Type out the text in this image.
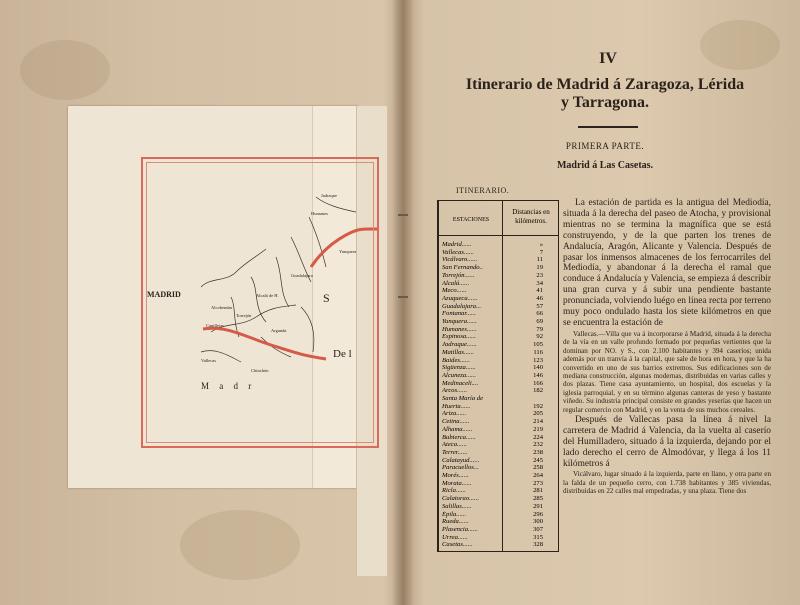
Alcobendas
Canillejas
Torrejón
Alcalá de H.
Arganda
Guadalajara
Humanes
Jadraque
Yunquera
Vallecas
Chinchón
MADRID	S
De l
M a d r
IV
Itinerario de Madrid á Zaragoza, Lérida
y Tarragona.
PRIMERA PARTE.
Madrid á Las Casetas.
ITINERARIO.
ESTACIONES
Distancias en kilómetros.
Madrid......	»
Vallecas......	7
Vicálvaro......	11
San Fernando..	19
Torrejón......	23
Alcalá......	34
Meco......	41
Azuqueca......	46
Guadalajara...	57
Fontanar......	66
Yunquera......	69
Humanes......	79
Espinosa......	92
Jadraque......	105
Matillas......	116
Baides......	123
Sigüenza......	140
Alcuneza......	146
Medinaceli....	166
Arcos......	182
Santa María de
Huerta......	192
Ariza......	205
Cetina......	214
Alhama......	219
Bubierca......	224
Ateca......	232
Terrer......	238
Calatayud......	245
Paracuellos...	258
Morés......	264
Morata......	273
Ricla......	281
Calatorao......	285
Salillas......	291
Épila......	296
Rueda......	300
Plasencia......	307
Urrea......	315
Casetas......	328

La estación de partida es la antigua del Mediodía, situada á la derecha del paseo de Atocha, y provisional mientras no se termina la magnífica que se está construyendo, y de la que parten los trenes de Andalucía, Aragón, Alicante y Valencia. Después de pasar los inmensos almacenes de los ferrocarriles del Mediodía, y abandonar á la derecha el ramal que conduce á Andalucía y Valencia, se empieza á describir una gran curva y á subir una pendiente bastante pronunciada, volviendo luégo en línea recta por terreno muy poco ondulado hasta los siete kilómetros en que se encuentra la estación de

Vallecas.—Villa que va á incorporarse á Madrid, situada á la derecha de la vía en un valle profundo formado por pequeñas vertientes que la dominan por NO. y S., con 2.100 habitantes y 394 caseríos; unida además por un tranvía á la capital, que sale de hora en hora, y que la ha convertido en uno de sus barrios extremos. Sus edificaciones son de mediana construcción, algunas modernas, distribuidas en varias calles y dos plazas. Tiene casa ayuntamiento, un hospital, dos escuelas y la iglesia parroquial, y en su término algunas canteras de yeso y bastante viñedo. Su industria principal consiste en grandes yeserías que hacen un regular comercio con Madrid, y en la venta de sus muchos cereales.

Después de Vallecas pasa la línea á nivel la carretera de Madrid á Valencia, da la vuelta al caserío del Humilladero, situado á la izquierda, dejando por el lado derecho el cerro de Almodóvar, y llega á los 11 kilómetros á

Vicálvaro, lugar situado á la izquierda, parte en llano, y otra parte en la falda de un pequeño cerro, con 1.738 habitantes y 385 viviendas, distribuidas en 22 calles mal empedradas, y una plaza. Tiene dos
